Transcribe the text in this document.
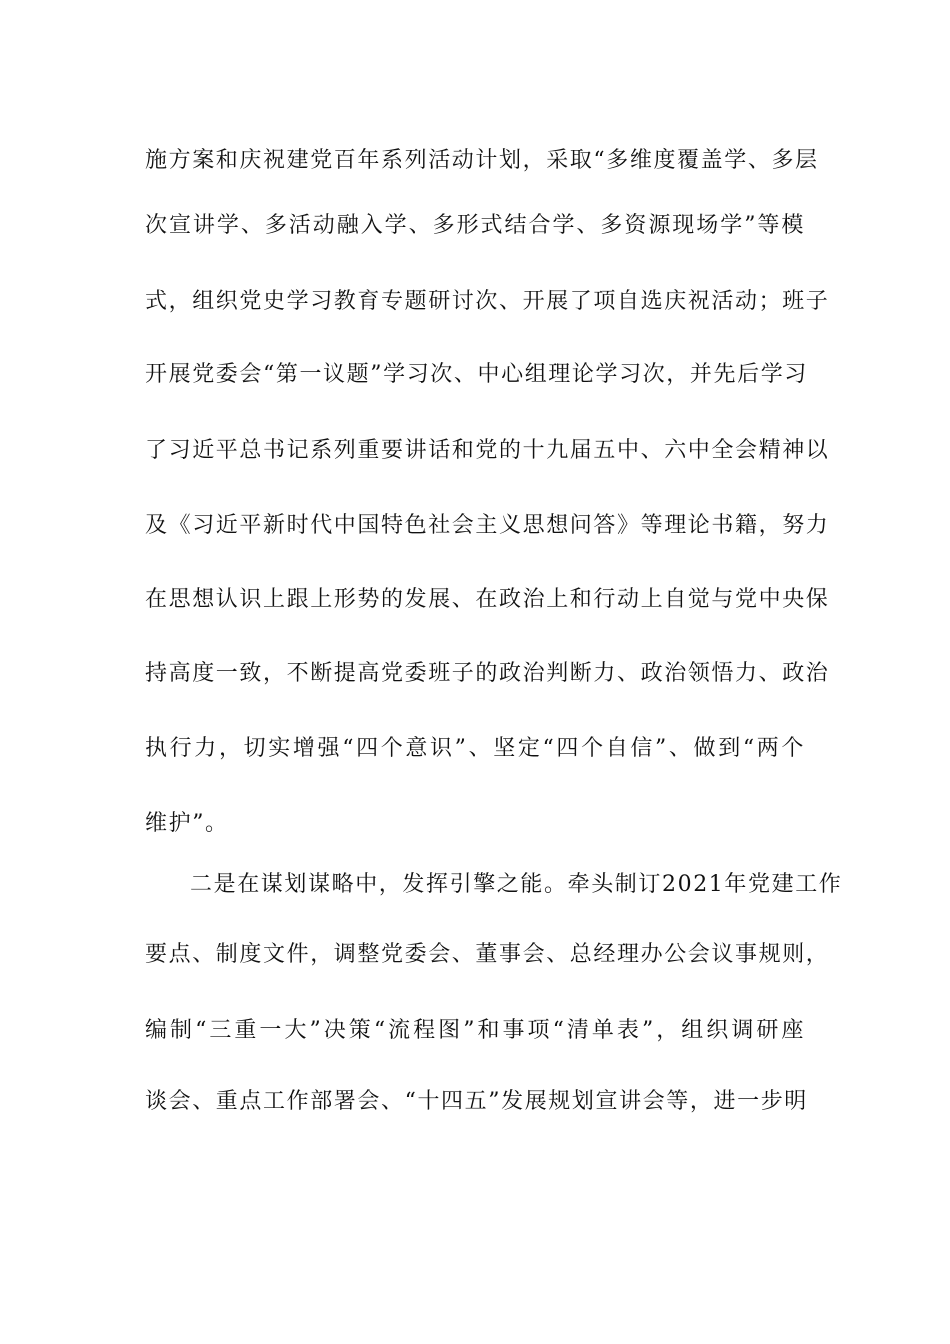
施方案和庆祝建党百年系列活动计划，采取“多维度覆盖学、多层
次宣讲学、多活动融入学、多形式结合学、多资源现场学”等模
式，组织党史学习教育专题研讨次、开展了项自选庆祝活动；班子
开展党委会“第一议题”学习次、中心组理论学习次，并先后学习
了习近平总书记系列重要讲话和党的十九届五中、六中全会精神以
及《习近平新时代中国特色社会主义思想问答》等理论书籍，努力
在思想认识上跟上形势的发展、在政治上和行动上自觉与党中央保
持高度一致，不断提高党委班子的政治判断力、政治领悟力、政治
执行力，切实增强“四个意识”、坚定“四个自信”、做到“两个
维护”。
二是在谋划谋略中，发挥引擎之能。牵头制订2021年党建工作
要点、制度文件，调整党委会、董事会、总经理办公会议事规则，
编制“三重一大”决策“流程图”和事项“清单表”，组织调研座
谈会、重点工作部署会、“十四五”发展规划宣讲会等，进一步明
